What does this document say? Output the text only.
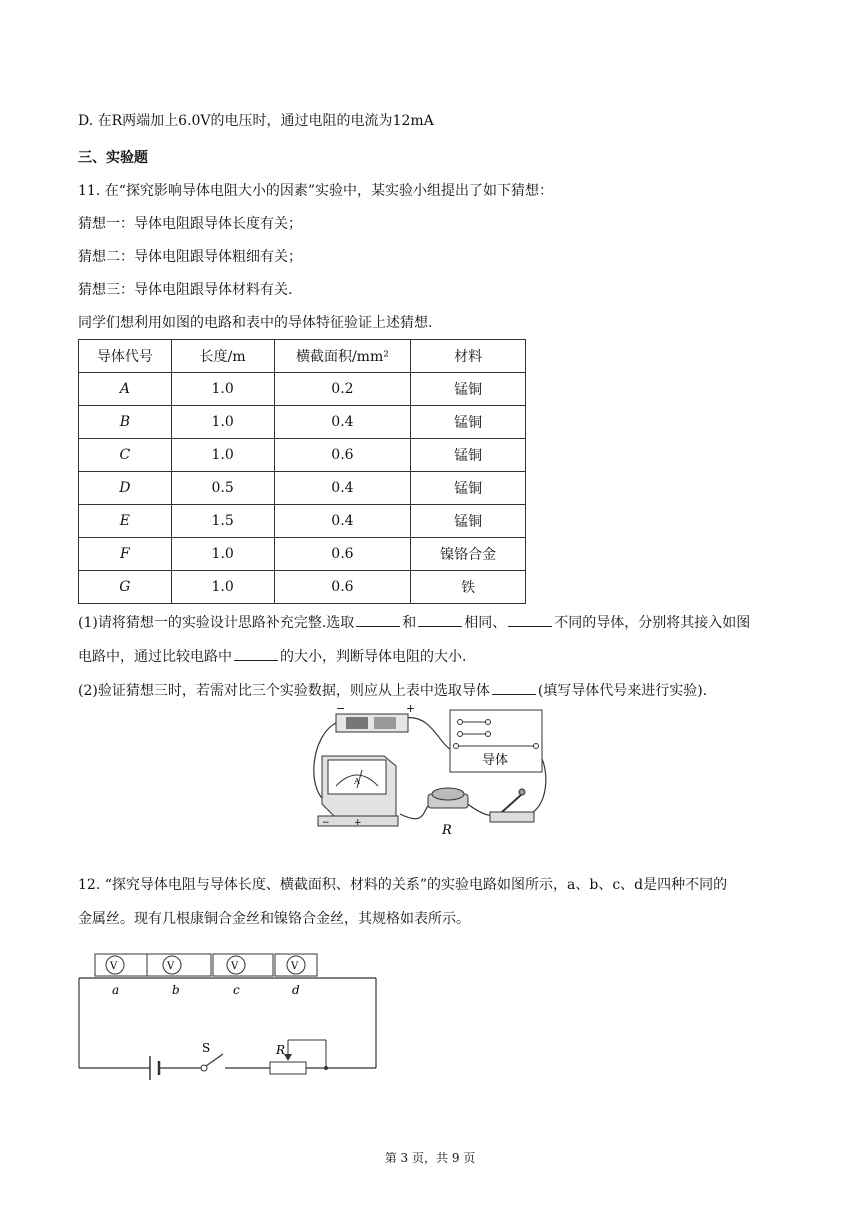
D. 在R两端加上6.0V的电压时，通过电阻的电流为12mA
三、实验题
11. 在“探究影响导体电阻大小的因素”实验中，某实验小组提出了如下猜想：
猜想一：导体电阻跟导体长度有关；
猜想二：导体电阻跟导体粗细有关；
猜想三：导体电阻跟导体材料有关.
同学们想利用如图的电路和表中的导体特征验证上述猜想.
导体代号	长度/m	横截面积/mm²	材料
A	1.0	0.2	锰铜
B	1.0	0.4	锰铜
C	1.0	0.6	锰铜
D	0.5	0.4	锰铜
E	1.5	0.4	锰铜
F	1.0	0.6	镍铬合金
G	1.0	0.6	铁
(1)请将猜想一的实验设计思路补充完整.选取	和	相同、	不同的导体，分别将其接入如图
电路中，通过比较电路中	的大小，判断导体电阻的大小.
(2)验证猜想三时，若需对比三个实验数据，则应从上表中选取导体	(填写导体代号来进行实验).
−	+
导体
A
−	+	R
12. “探究导体电阻与导体长度、横截面积、材料的关系”的实验电路如图所示，a、b、c、d是四种不同的
金属丝。现有几根康铜合金丝和镍铬合金丝，其规格如表所示。
S	R
V
a
V
b
V
c
V
d
第 3 页，共 9 页
